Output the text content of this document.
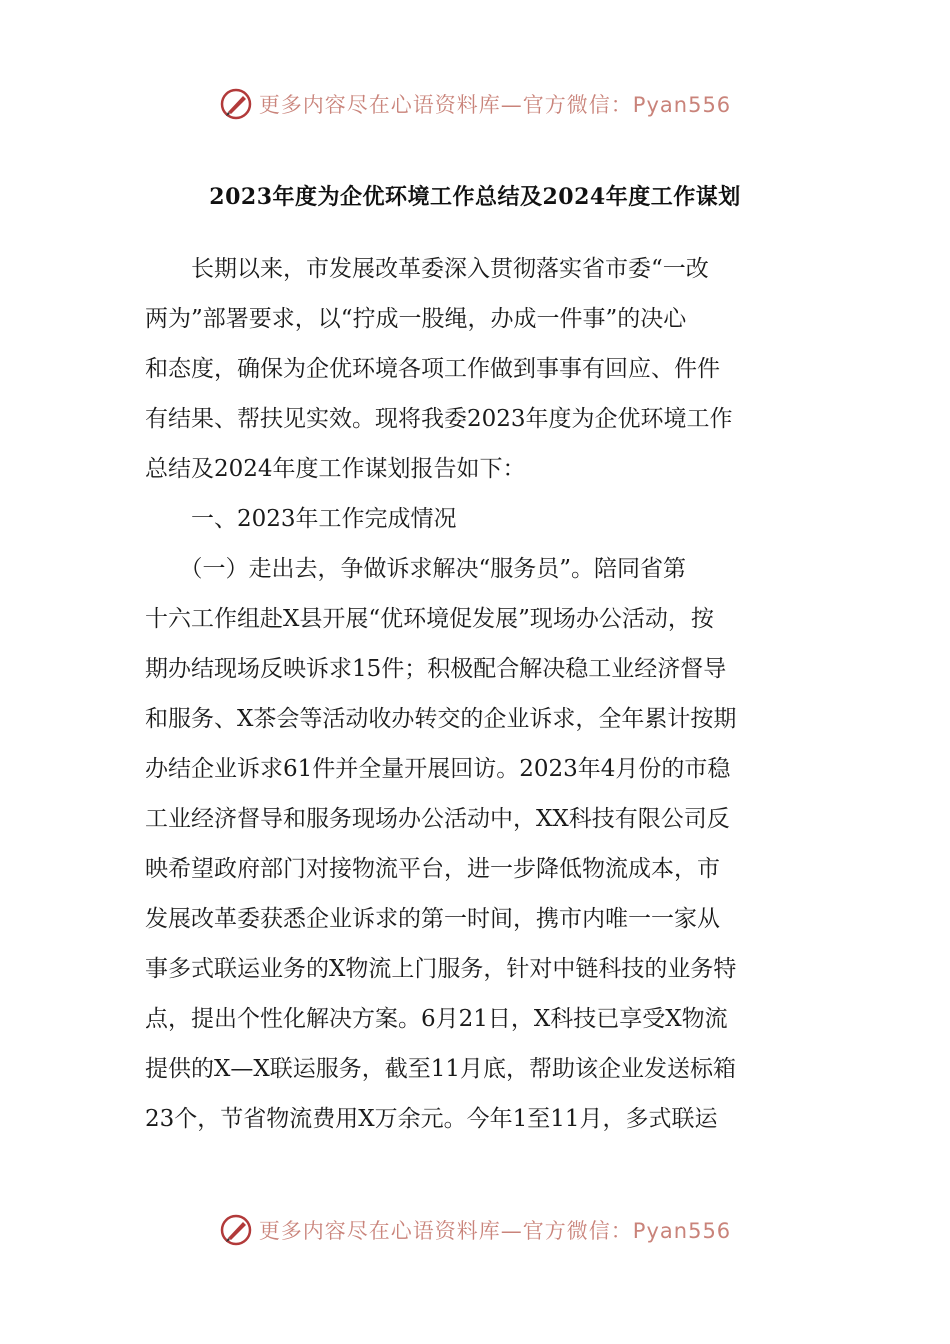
更多内容尽在心语资料库—官方微信：Pyan556
2023年度为企优环境工作总结及2024年度工作谋划
　　长期以来，市发展改革委深入贯彻落实省市委“一改
两为”部署要求，以“拧成一股绳，办成一件事”的决心
和态度，确保为企优环境各项工作做到事事有回应、件件
有结果、帮扶见实效。现将我委2023年度为企优环境工作
总结及2024年度工作谋划报告如下：
　　一、2023年工作完成情况
　　（一）走出去，争做诉求解决“服务员”。陪同省第
十六工作组赴X县开展“优环境促发展”现场办公活动，按
期办结现场反映诉求15件；积极配合解决稳工业经济督导
和服务、X茶会等活动收办转交的企业诉求，全年累计按期
办结企业诉求61件并全量开展回访。2023年4月份的市稳
工业经济督导和服务现场办公活动中，XX科技有限公司反
映希望政府部门对接物流平台，进一步降低物流成本，市
发展改革委获悉企业诉求的第一时间，携市内唯一一家从
事多式联运业务的X物流上门服务，针对中链科技的业务特
点，提出个性化解决方案。6月21日，X科技已享受X物流
提供的X—X联运服务，截至11月底，帮助该企业发送标箱
23个，节省物流费用X万余元。今年1至11月，多式联运
更多内容尽在心语资料库—官方微信：Pyan556
